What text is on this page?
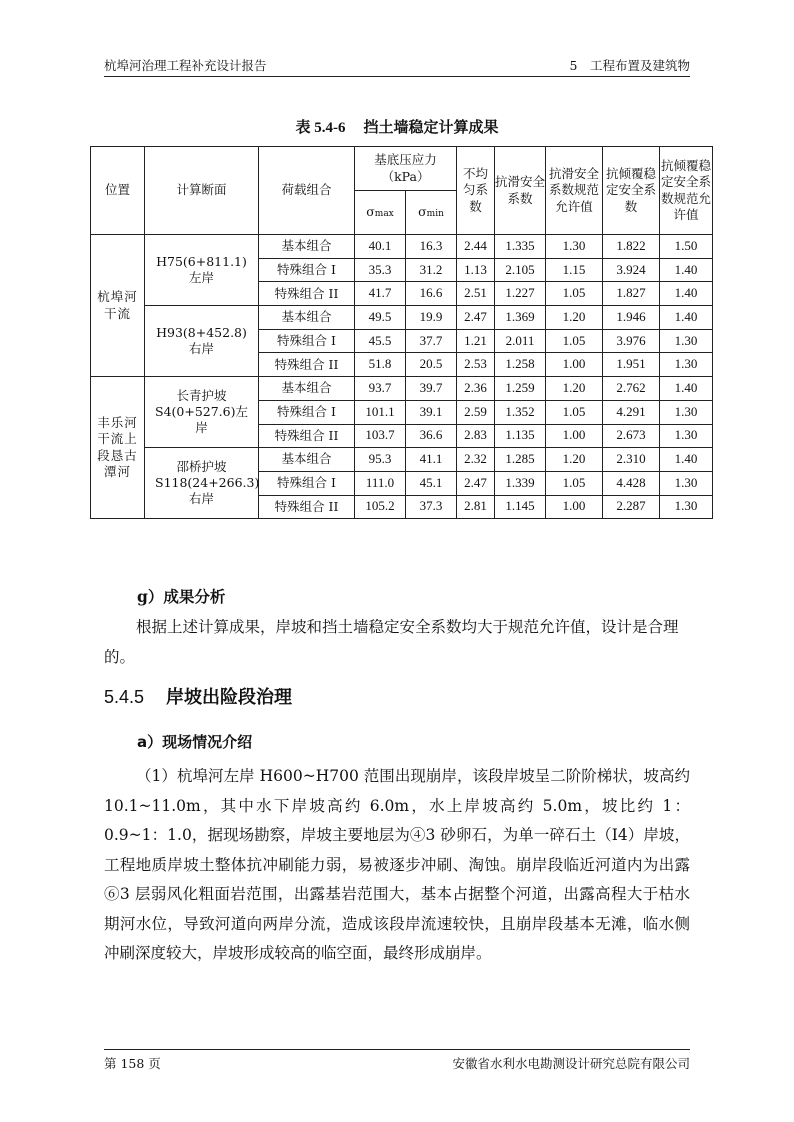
杭埠河治理工程补充设计报告	5　工程布置及建筑物
表 5.4-6 挡土墙稳定计算成果
位置	计算断面	荷载组合	基底压应力（kPa）		不均匀系数	抗滑安全系数	抗滑安全系数规范允许值	抗倾覆稳定安全系数	抗倾覆稳定安全系数规范允许值
			σmax	σmin					
杭埠河干流	H75(6+811.1)左岸	基本组合	40.1	16.3	2.44	1.335	1.30	1.822	1.50
		特殊组合 I	35.3	31.2	1.13	2.105	1.15	3.924	1.40
		特殊组合 II	41.7	16.6	2.51	1.227	1.05	1.827	1.40
	H93(8+452.8)右岸	基本组合	49.5	19.9	2.47	1.369	1.20	1.946	1.40
		特殊组合 I	45.5	37.7	1.21	2.011	1.05	3.976	1.30
		特殊组合 II	51.8	20.5	2.53	1.258	1.00	1.951	1.30
丰乐河干流上段恳古潭河	长青护坡S4(0+527.6)左岸	基本组合	93.7	39.7	2.36	1.259	1.20	2.762	1.40
		特殊组合 I	101.1	39.1	2.59	1.352	1.05	4.291	1.30
		特殊组合 II	103.7	36.6	2.83	1.135	1.00	2.673	1.30
	邵桥护坡S118(24+266.3)右岸	基本组合	95.3	41.1	2.32	1.285	1.20	2.310	1.40
		特殊组合 I	111.0	45.1	2.47	1.339	1.05	4.428	1.30
		特殊组合 II	105.2	37.3	2.81	1.145	1.00	2.287	1.30
g）成果分析
根据上述计算成果，岸坡和挡土墙稳定安全系数均大于规范允许值，设计是合理的。
5.4.5 岸坡出险段治理
a）现场情况介绍
（1）杭埠河左岸 H600~H700 范围出现崩岸，该段岸坡呈二阶阶梯状，坡高约 10.1~11.0m，其中水下岸坡高约 6.0m，水上岸坡高约 5.0m，坡比约 1：0.9~1：1.0，据现场勘察，岸坡主要地层为④3 砂卵石，为单一碎石土（I4）岸坡，工程地质岸坡土整体抗冲刷能力弱，易被逐步冲刷、淘蚀。崩岸段临近河道内为出露⑥3 层弱风化粗面岩范围，出露基岩范围大，基本占据整个河道，出露高程大于枯水期河水位，导致河道向两岸分流，造成该段岸流速较快，且崩岸段基本无滩，临水侧冲刷深度较大，岸坡形成较高的临空面，最终形成崩岸。
第 158 页	安徽省水利水电勘测设计研究总院有限公司
